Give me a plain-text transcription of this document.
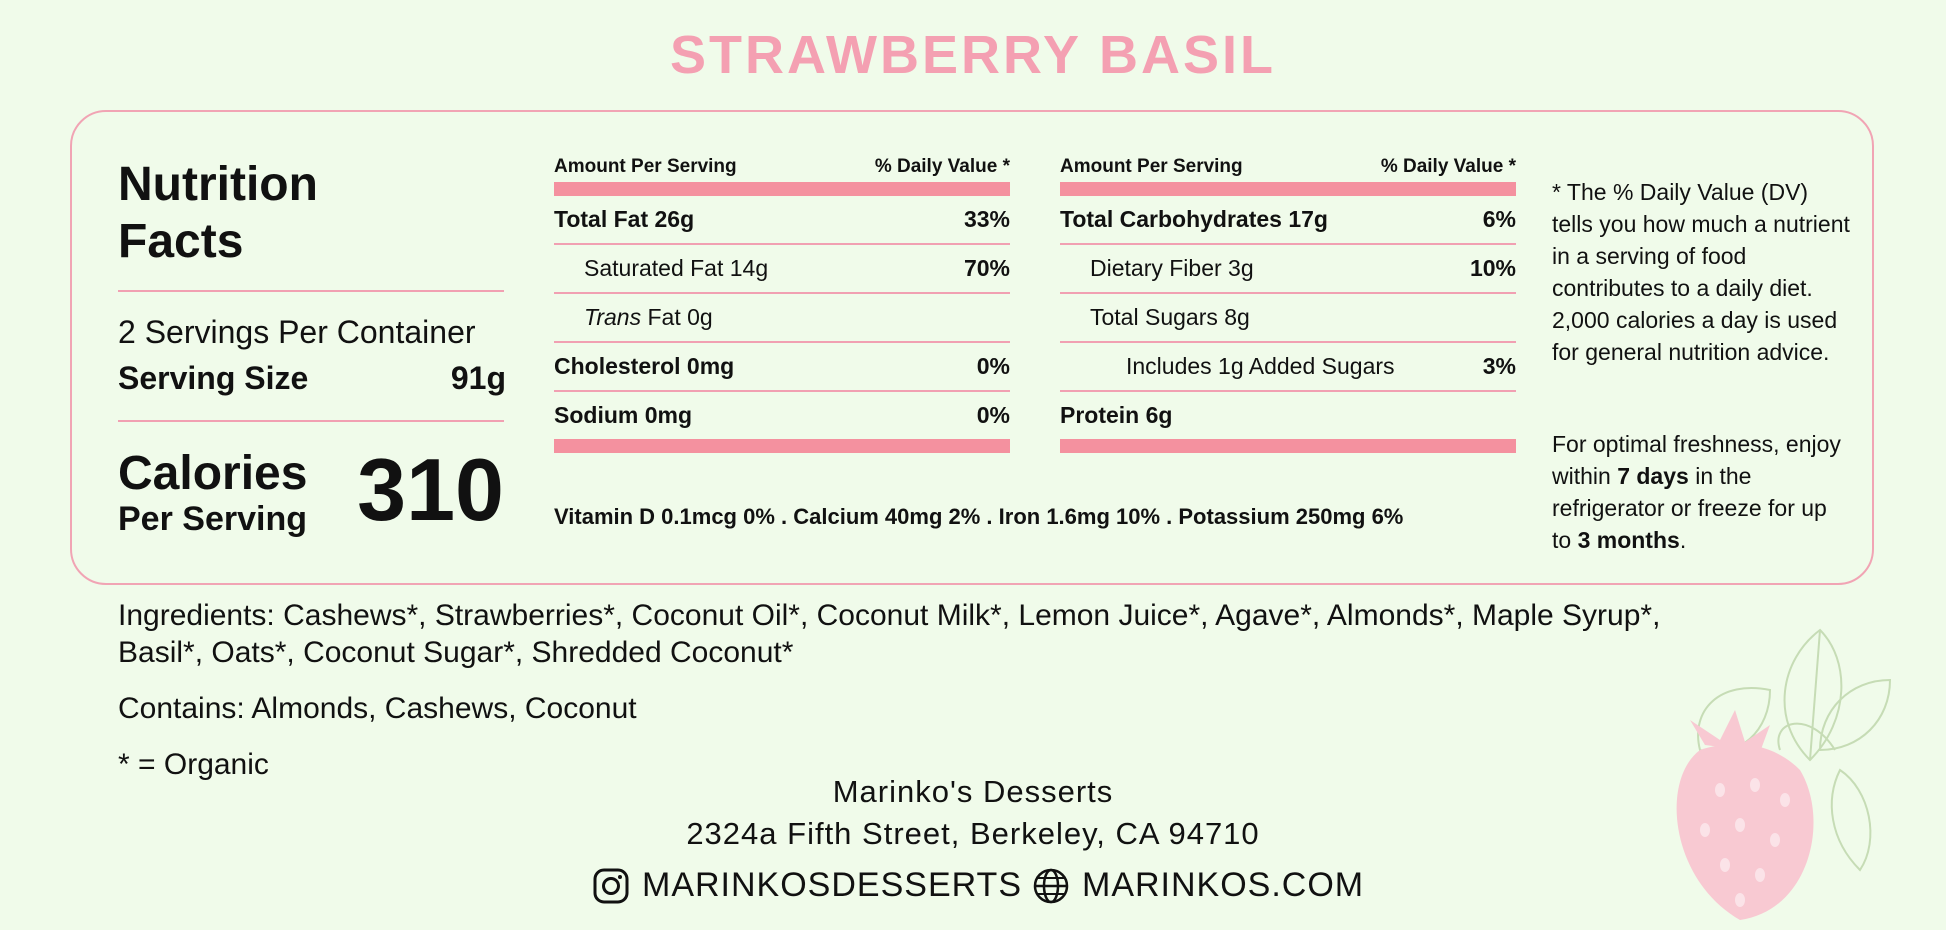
STRAWBERRY BASIL
Nutrition
Facts
2 Servings Per Container
Serving Size	91g
Calories
Per Serving 310
Amount Per Serving	% Daily Value *
Total Fat 26g	33%
Saturated Fat 14g	70%
Trans Fat 0g
Cholesterol 0mg	0%
Sodium 0mg	0%
Amount Per Serving	% Daily Value *
Total Carbohydrates 17g	6%
Dietary Fiber 3g	10%
Total Sugars 8g
Includes 1g Added Sugars	3%
Protein 6g
Vitamin D 0.1mcg 0% . Calcium 40mg 2% . Iron 1.6mg 10% . Potassium 250mg 6%
* The % Daily Value (DV) tells you how much a nutrient in a serving of food contributes to a daily diet. 2,000 calories a day is used for general nutrition advice.
For optimal freshness, enjoy within 7 days in the refrigerator or freeze for up to 3 months.
Ingredients: Cashews*, Strawberries*, Coconut Oil*, Coconut Milk*, Lemon Juice*, Agave*, Almonds*, Maple Syrup*, Basil*, Oats*, Coconut Sugar*, Shredded Coconut*
Contains: Almonds, Cashews, Coconut
* = Organic
Marinko's Desserts
2324a Fifth Street, Berkeley, CA 94710
MARINKOSDESSERTS MARINKOS.COM
